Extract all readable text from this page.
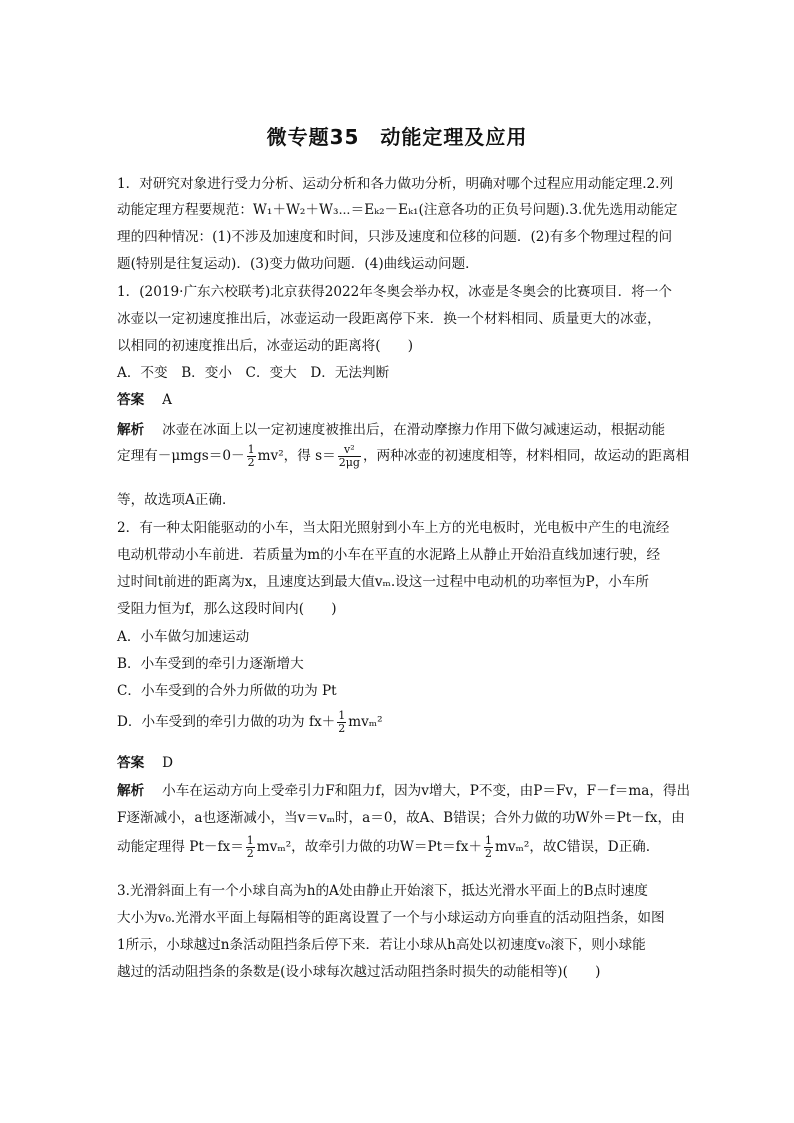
微专题35　动能定理及应用
1．对研究对象进行受力分析、运动分析和各力做功分析，明确对哪个过程应用动能定理.2.列
动能定理方程要规范：W₁＋W₂＋W₃⋯＝Eₖ₂－Eₖ₁(注意各功的正负号问题).3.优先选用动能定
理的四种情况：(1)不涉及加速度和时间，只涉及速度和位移的问题．(2)有多个物理过程的问
题(特别是往复运动)．(3)变力做功问题．(4)曲线运动问题．
1．(2019·广东六校联考)北京获得2022年冬奥会举办权，冰壶是冬奥会的比赛项目．将一个
冰壶以一定初速度推出后，冰壶运动一段距离停下来．换一个材料相同、质量更大的冰壶，
以相同的初速度推出后，冰壶运动的距离将(　　)
A．不变　B．变小　C．变大　D．无法判断
答案　 A
解析　 冰壶在冰面上以一定初速度被推出后，在滑动摩擦力作用下做匀减速运动，根据动能
定理有$-\mu mgs=0- \frac{1}{2} mv^2$，得 $s= \frac{\text{v²}}{2\mu g}$ ，两种冰壶的初速度相等，材料相同，故运动的距离相
等，故选项A正确．
2．有一种太阳能驱动的小车，当太阳光照射到小车上方的光电板时，光电板中产生的电流经
电动机带动小车前进．若质量为m的小车在平直的水泥路上从静止开始沿直线加速行驶，经
过时间t前进的距离为x，且速度达到最大值vₘ.设这一过程中电动机的功率恒为P，小车所
受阻力恒为f，那么这段时间内(　　)
A．小车做匀加速运动
B．小车受到的牵引力逐渐增大
C．小车受到的合外力所做的功为 Pt
D．小车受到的牵引力做的功为 $fx+ \frac{1}{2} mv_m^2$
答案　 D
解析　 小车在运动方向上受牵引力F和阻力f，因为v增大，P不变，由P＝Fv，F－f＝ma，得出
F逐渐减小，a也逐渐减小，当v＝vₘ时，a＝0，故A、B错误；合外力做的功W外＝Pt－fx，由
动能定理得 $Pt-fx= \frac{1}{2} mv_m^2$，故牵引力做的功$W=Pt=fx+ \frac{1}{2} mv_m^2$，故C错误，D正确.
3.光滑斜面上有一个小球自高为h的A处由静止开始滚下，抵达光滑水平面上的B点时速度
大小为v₀.光滑水平面上每隔相等的距离设置了一个与小球运动方向垂直的活动阻挡条，如图
1所示，小球越过n条活动阻挡条后停下来．若让小球从h高处以初速度v₀滚下，则小球能
越过的活动阻挡条的条数是(设小球每次越过活动阻挡条时损失的动能相等)(　　)
